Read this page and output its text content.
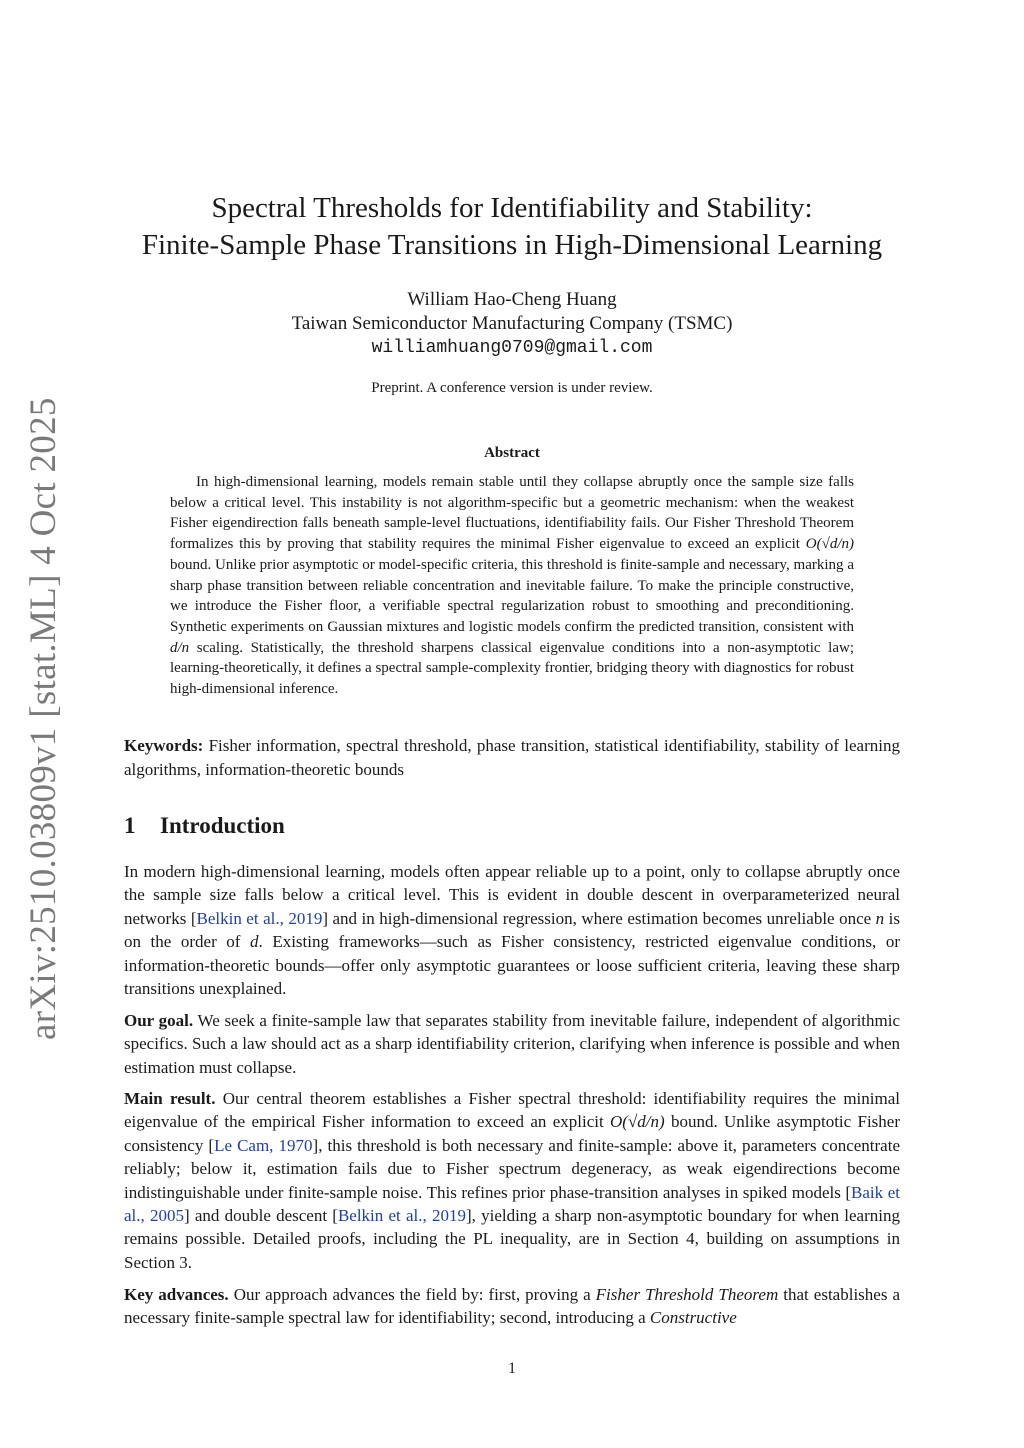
arXiv:2510.03809v1 [stat.ML] 4 Oct 2025
Spectral Thresholds for Identifiability and Stability:
Finite-Sample Phase Transitions in High-Dimensional Learning
William Hao-Cheng Huang
Taiwan Semiconductor Manufacturing Company (TSMC)
williamhuang0709@gmail.com
Preprint. A conference version is under review.
Abstract

In high-dimensional learning, models remain stable until they collapse abruptly once the sample size falls below a critical level. This instability is not algorithm-specific but a geometric mechanism: when the weakest Fisher eigendirection falls beneath sample-level fluctuations, identifiability fails. Our Fisher Threshold Theorem formalizes this by proving that stability requires the minimal Fisher eigenvalue to exceed an explicit O(√d/n) bound. Unlike prior asymptotic or model-specific criteria, this threshold is finite-sample and necessary, marking a sharp phase transition between reliable concentration and inevitable failure. To make the principle constructive, we introduce the Fisher floor, a verifiable spectral regularization robust to smoothing and preconditioning. Synthetic experiments on Gaussian mixtures and logistic models confirm the predicted transition, consistent with d/n scaling. Statistically, the threshold sharpens classical eigenvalue conditions into a non-asymptotic law; learning-theoretically, it defines a spectral sample-complexity frontier, bridging theory with diagnostics for robust high-dimensional inference.

Keywords: Fisher information, spectral threshold, phase transition, statistical identifiability, stability of learning algorithms, information-theoretic bounds

1 Introduction

In modern high-dimensional learning, models often appear reliable up to a point, only to collapse abruptly once the sample size falls below a critical level. This is evident in double descent in overparameterized neural networks [Belkin et al., 2019] and in high-dimensional regression, where estimation becomes unreliable once n is on the order of d. Existing frameworks—such as Fisher consistency, restricted eigenvalue conditions, or information-theoretic bounds—offer only asymptotic guarantees or loose sufficient criteria, leaving these sharp transitions unexplained.

Our goal. We seek a finite-sample law that separates stability from inevitable failure, independent of algorithmic specifics. Such a law should act as a sharp identifiability criterion, clarifying when inference is possible and when estimation must collapse.

Main result. Our central theorem establishes a Fisher spectral threshold: identifiability requires the minimal eigenvalue of the empirical Fisher information to exceed an explicit O(√d/n) bound. Unlike asymptotic Fisher consistency [Le Cam, 1970], this threshold is both necessary and finite-sample: above it, parameters concentrate reliably; below it, estimation fails due to Fisher spectrum degeneracy, as weak eigendirections become indistinguishable under finite-sample noise. This refines prior phase-transition analyses in spiked models [Baik et al., 2005] and double descent [Belkin et al., 2019], yielding a sharp non-asymptotic boundary for when learning remains possible. Detailed proofs, including the PL inequality, are in Section 4, building on assumptions in Section 3.

Key advances. Our approach advances the field by: first, proving a Fisher Threshold Theorem that establishes a necessary finite-sample spectral law for identifiability; second, introducing a Constructive

1
